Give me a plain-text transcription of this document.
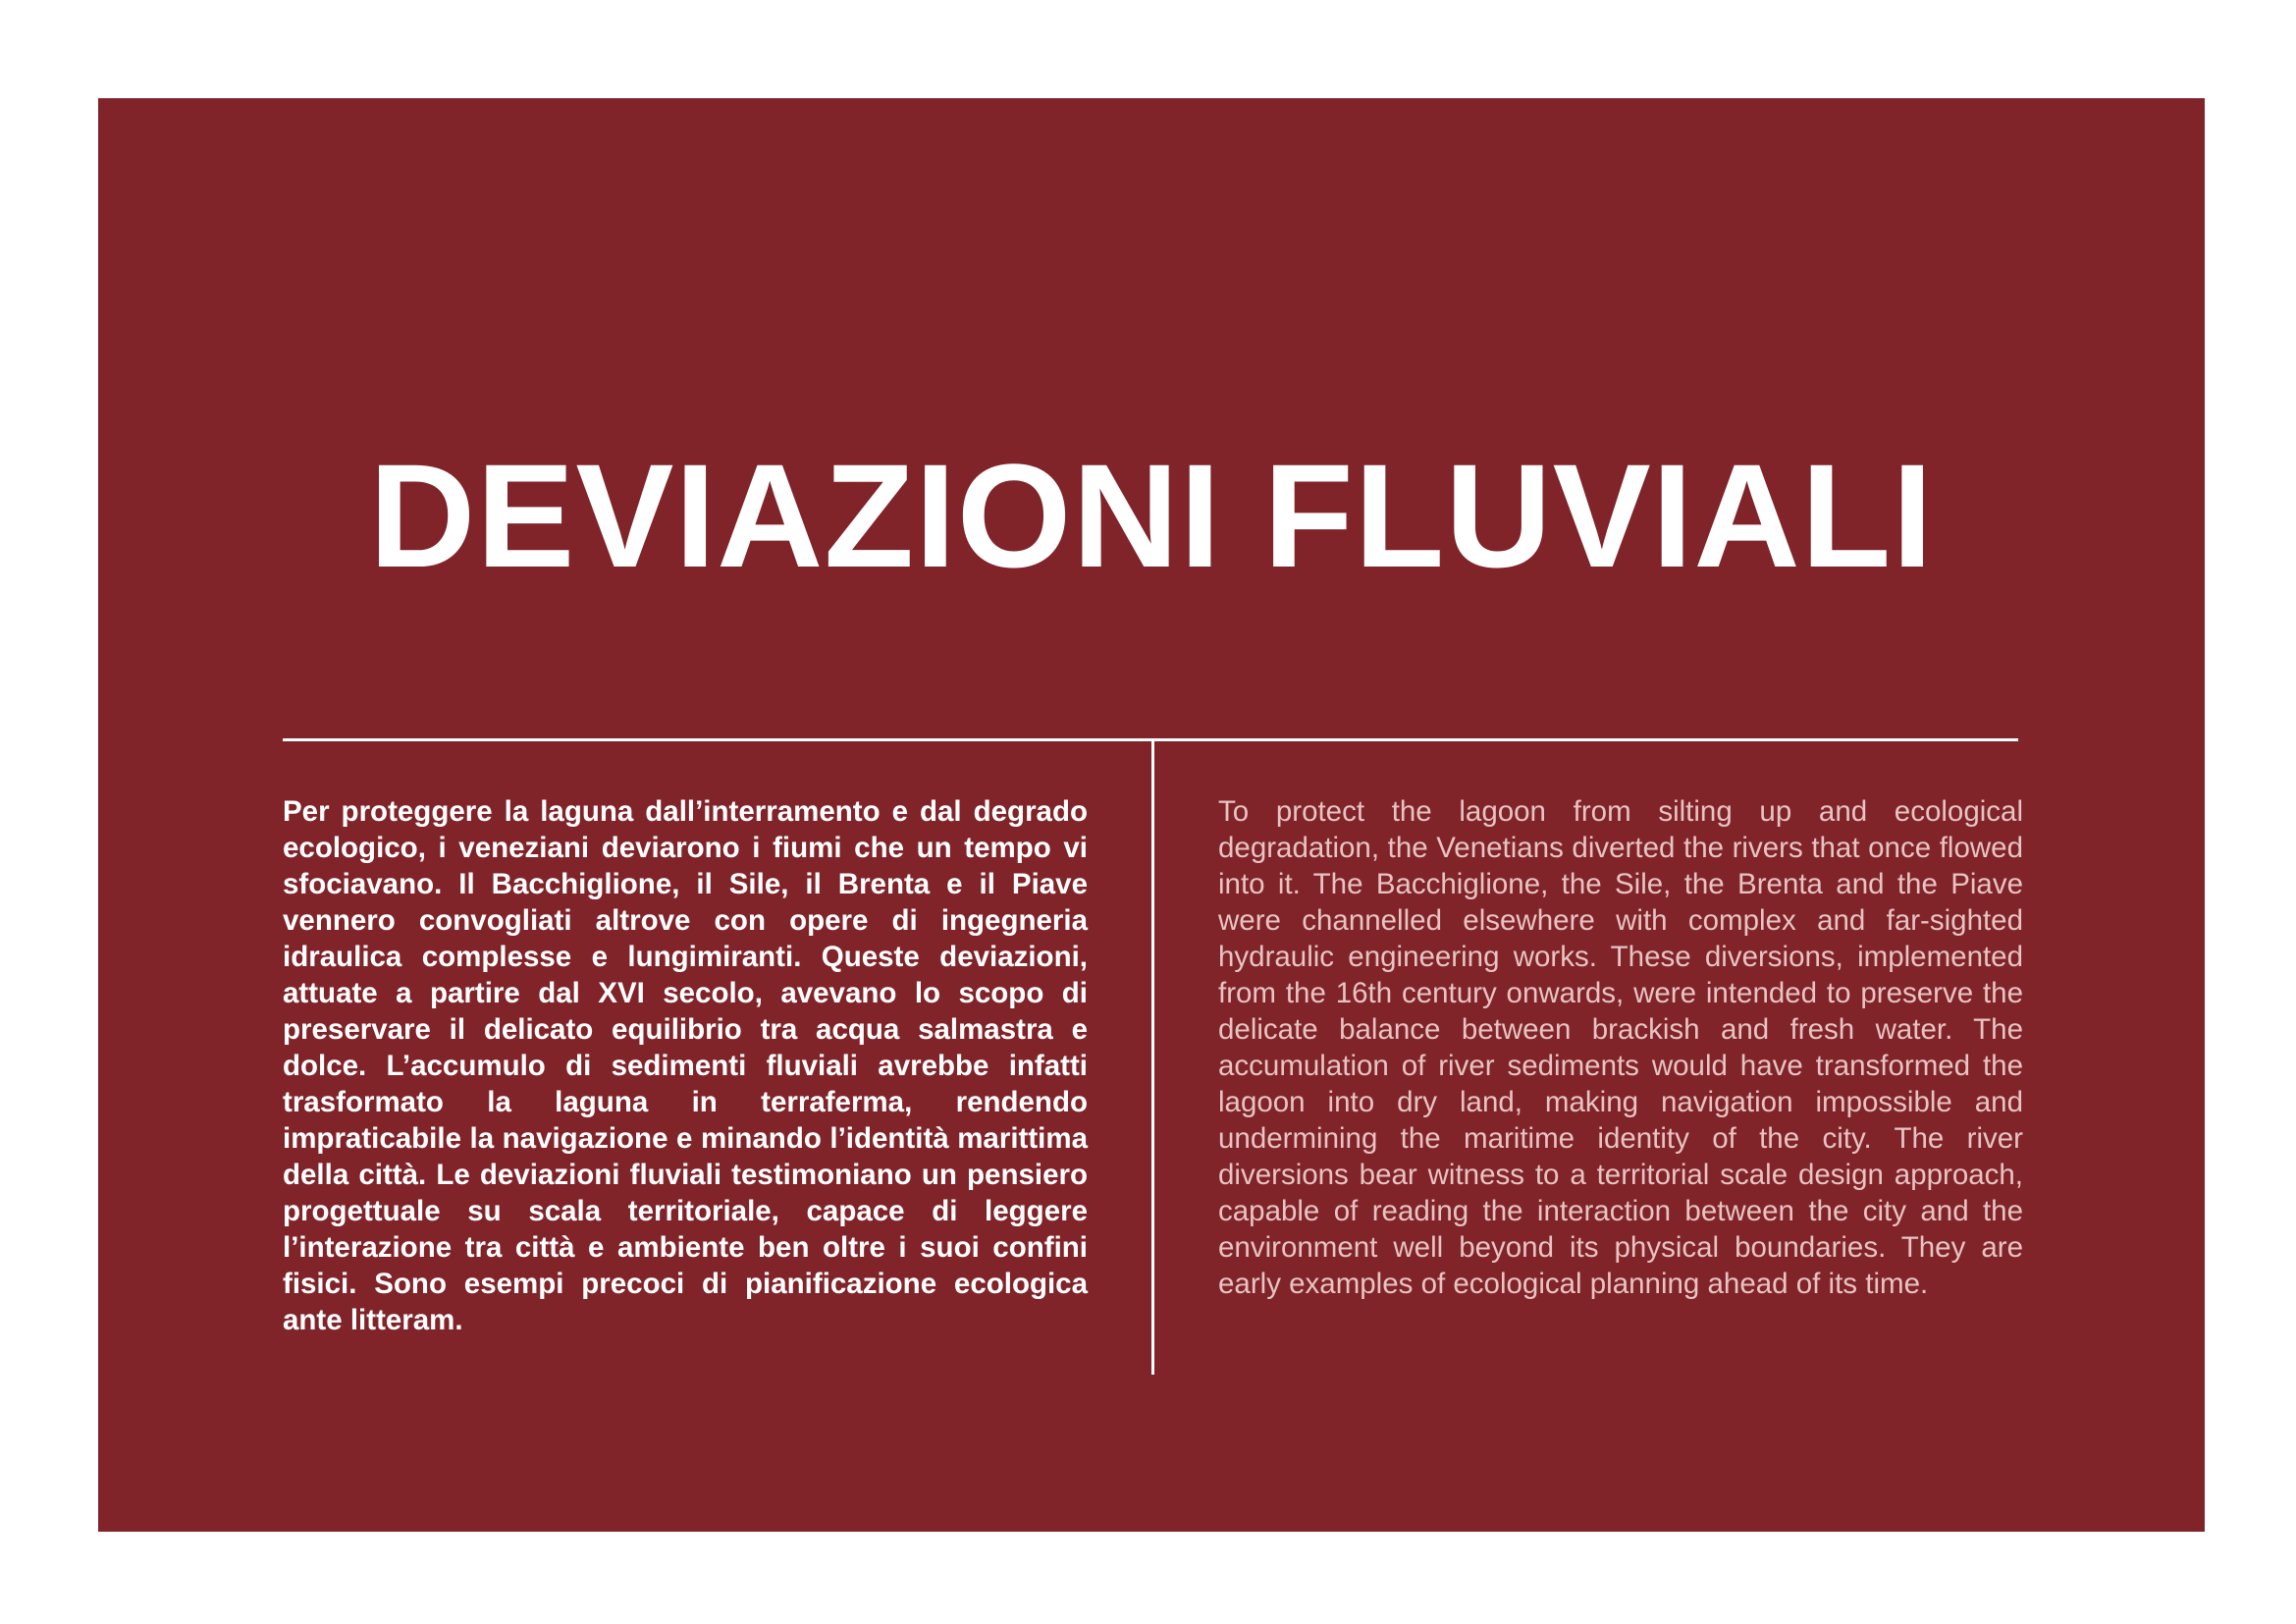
DEVIAZIONI FLUVIALI

Per proteggere la laguna dall’interramento e dal degrado ecologico, i veneziani deviarono i fiumi che un tempo vi sfociavano. Il Bacchiglione, il Sile, il Brenta e il Piave vennero convogliati altrove con opere di ingegneria idraulica complesse e lungimiranti. Queste deviazioni, attuate a partire dal XVI secolo, avevano lo scopo di preservare il delicato equilibrio tra acqua salmastra e dolce. L’accumulo di sedimenti fluviali avrebbe infatti trasformato la laguna in terraferma, rendendo impraticabile la navigazione e minando l’identità marittima della città. Le deviazioni fluviali testimoniano un pensiero progettuale su scala territoriale, capace di leggere l’interazione tra città e ambiente ben oltre i suoi confini fisici. Sono esempi precoci di pianificazione ecologica ante litteram.

To protect the lagoon from silting up and ecological degradation, the Venetians diverted the rivers that once flowed into it. The Bacchiglione, the Sile, the Brenta and the Piave were channelled elsewhere with complex and far-sighted hydraulic engineering works. These diversions, implemented from the 16th century onwards, were intended to preserve the delicate balance between brackish and fresh water. The accumulation of river sediments would have transformed the lagoon into dry land, making navigation impossible and undermining the maritime identity of the city. The river diversions bear witness to a territorial scale design approach, capable of reading the interaction between the city and the environment well beyond its physical boundaries. They are early examples of ecological planning ahead of its time.
